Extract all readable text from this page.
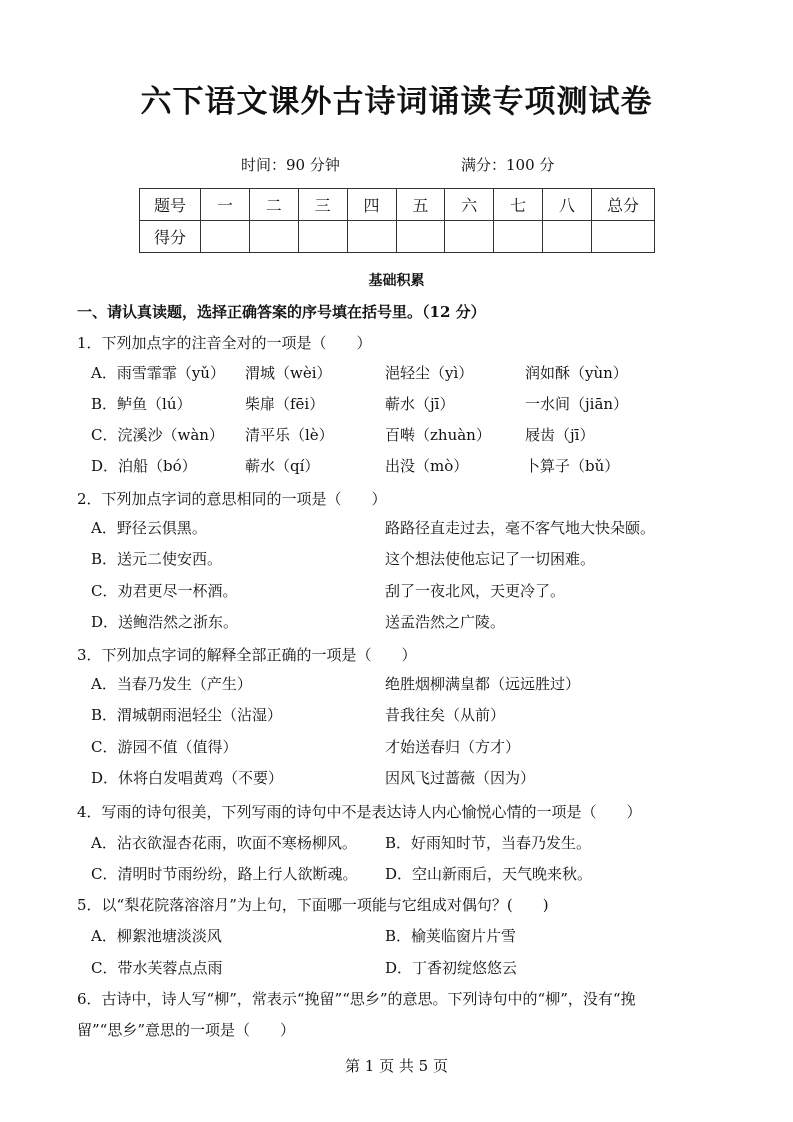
六下语文课外古诗词诵读专项测试卷
时间：90 分钟	满分：100 分
题号	一	二	三	四	五	六	七	八	总分
得分									
基础积累
一、请认真读题，选择正确答案的序号填在括号里。（12 分）
1．下列加点字的注音全对的一项是（　　）
A．雨雪霏霏（yǔ） 渭城（wèi）	浥轻尘（yì）	润如酥（yùn）
B．鲈鱼（lú）	柴扉（fēi）	蕲水（jī）	一水间（jiān）
C．浣溪沙（wàn） 清平乐（lè）	百啭（zhuàn） 屐齿（jī）
D．泊船（bó）	蕲水（qí）	出没（mò）	卜算子（bǔ）
2．下列加点字词的意思相同的一项是（　　）
A．野径云俱黑。	路路径直走过去，毫不客气地大快朵颐。
B．送元二使安西。	这个想法使他忘记了一切困难。
C．劝君更尽一杯酒。	刮了一夜北风，天更冷了。
D．送鲍浩然之浙东。	送孟浩然之广陵。
3．下列加点字词的解释全部正确的一项是（　　）
A．当春乃发生（产生）	绝胜烟柳满皇都（远远胜过）
B．渭城朝雨浥轻尘（沾湿）	昔我往矣（从前）
C．游园不值（值得）	才始送春归（方才）
D．休将白发唱黄鸡（不要）	因风飞过蔷薇（因为）
4．写雨的诗句很美，下列写雨的诗句中不是表达诗人内心愉悦心情的一项是（　　）
A．沾衣欲湿杏花雨，吹面不寒杨柳风。 B．好雨知时节，当春乃发生。
C．清明时节雨纷纷，路上行人欲断魂。 D．空山新雨后，天气晚来秋。
5．以“梨花院落溶溶月”为上句，下面哪一项能与它组成对偶句？(　　)
A．柳絮池塘淡淡风	B．榆荚临窗片片雪
C．带水芙蓉点点雨	D．丁香初绽悠悠云
6．古诗中，诗人写“柳”，常表示“挽留”“思乡”的意思。下列诗句中的“柳”，没有“挽
留”“思乡”意思的一项是（　　）
第 1 页 共 5 页
